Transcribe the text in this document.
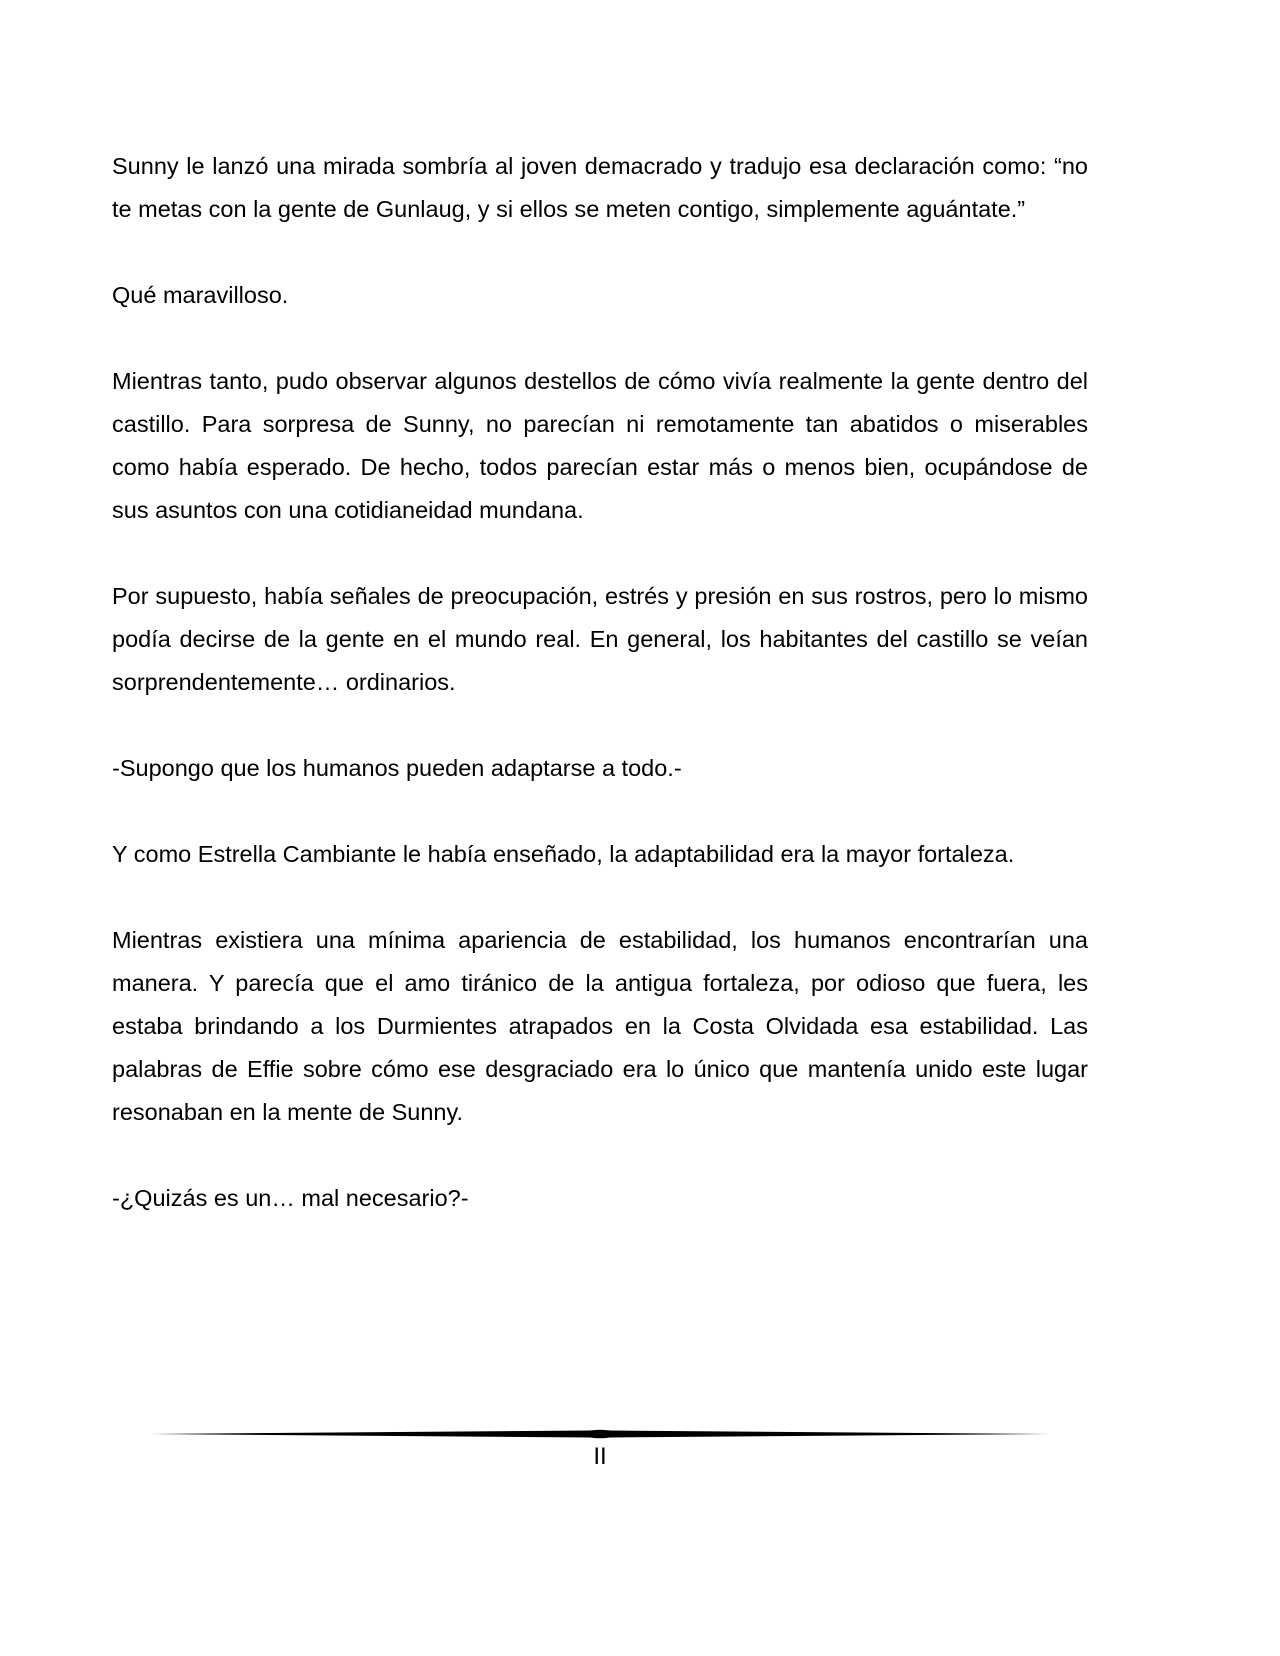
Sunny le lanzó una mirada sombría al joven demacrado y tradujo esa declaración como: “no te metas con la gente de Gunlaug, y si ellos se meten contigo, simplemente aguántate.”

Qué maravilloso.

Mientras tanto, pudo observar algunos destellos de cómo vivía realmente la gente dentro del castillo. Para sorpresa de Sunny, no parecían ni remotamente tan abatidos o miserables como había esperado. De hecho, todos parecían estar más o menos bien, ocupándose de sus asuntos con una cotidianeidad mundana.

Por supuesto, había señales de preocupación, estrés y presión en sus rostros, pero lo mismo podía decirse de la gente en el mundo real. En general, los habitantes del castillo se veían sorprendentemente… ordinarios.

-Supongo que los humanos pueden adaptarse a todo.-

Y como Estrella Cambiante le había enseñado, la adaptabilidad era la mayor fortaleza.

Mientras existiera una mínima apariencia de estabilidad, los humanos encontrarían una manera. Y parecía que el amo tiránico de la antigua fortaleza, por odioso que fuera, les estaba brindando a los Durmientes atrapados en la Costa Olvidada esa estabilidad. Las palabras de Effie sobre cómo ese desgraciado era lo único que mantenía unido este lugar resonaban en la mente de Sunny.

-¿Quizás es un… mal necesario?-

II
